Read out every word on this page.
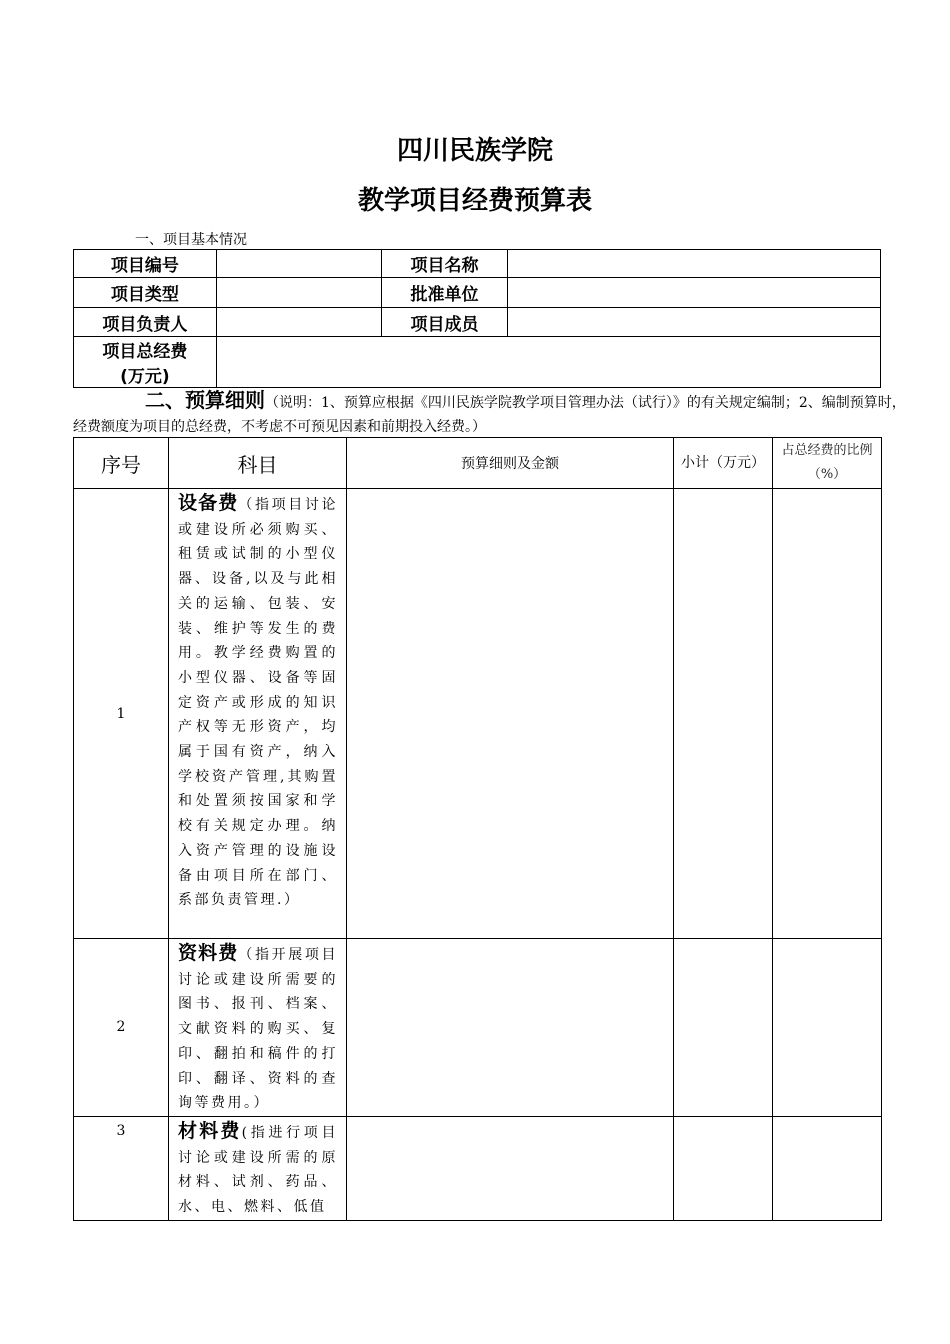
四川民族学院
教学项目经费预算表
一、项目基本情况
项目编号		项目名称	
项目类型		批准单位	
项目负责人		项目成员	

项目总经费
(万元)			

二、预算细则（说明：1、预算应根据《四川民族学院教学项目管理办法（试行）》的有关规定编制；2、编制预算时，经费额度为项目的总经费，不考虑不可预见因素和前期投入经费。）
序号	科目	预算细则及金额	小计（万元）	占总经费的比例（%）
1	设备费（指项目讨论或建设所必须购买、租赁或试制的小型仪器、设备,以及与此相关的运输、包装、安装、维护等发生的费用。教学经费购置的小型仪器、设备等固定资产或形成的知识产权等无形资产，均属于国有资产，纳入学校资产管理,其购置和处置须按国家和学校有关规定办理。纳入资产管理的设施设备由项目所在部门、系部负责管理.）			
2	资料费（指开展项目讨论或建设所需要的图书、报刊、档案、文献资料的购买、复印、翻拍和稿件的打印、翻译、资料的查询等费用。）			
3	材料费(指进行项目讨论或建设所需的原材料、试剂、药品、水、电、燃料、低值			
